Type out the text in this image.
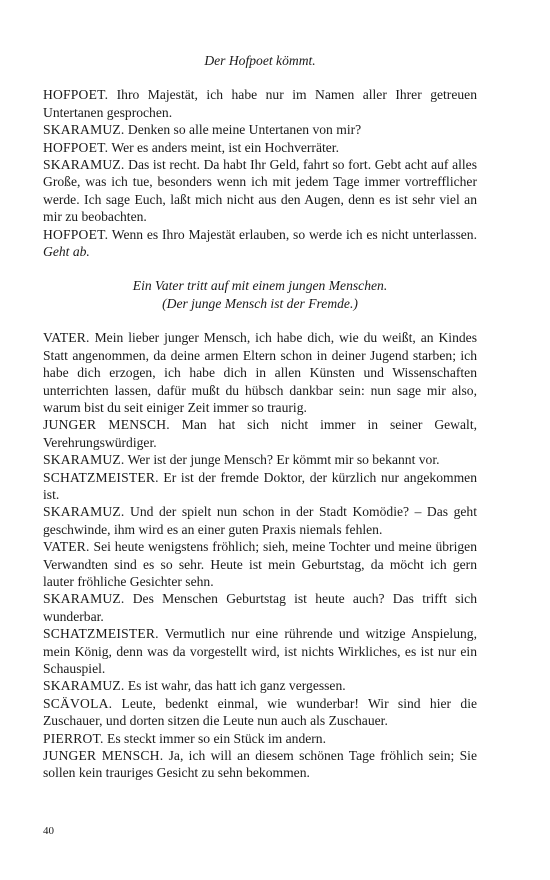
Der Hofpoet kömmt.

HOFPOET. Ihro Majestät, ich habe nur im Namen aller Ihrer getreuen Untertanen gesprochen.

SKARAMUZ. Denken so alle meine Untertanen von mir?

HOFPOET. Wer es anders meint, ist ein Hochverräter.

SKARAMUZ. Das ist recht. Da habt Ihr Geld, fahrt so fort. Gebt acht auf alles Große, was ich tue, besonders wenn ich mit jedem Tage immer vortrefflicher werde. Ich sage Euch, laßt mich nicht aus den Augen, denn es ist sehr viel an mir zu beobachten.

HOFPOET. Wenn es Ihro Majestät erlauben, so werde ich es nicht unterlassen. Geht ab.

Ein Vater tritt auf mit einem jungen Menschen.
(Der junge Mensch ist der Fremde.)

VATER. Mein lieber junger Mensch, ich habe dich, wie du weißt, an Kindes Statt angenommen, da deine armen Eltern schon in deiner Jugend starben; ich habe dich erzogen, ich habe dich in allen Künsten und Wissenschaften unterrichten lassen, dafür mußt du hübsch dankbar sein: nun sage mir also, warum bist du seit einiger Zeit immer so traurig.

JUNGER MENSCH. Man hat sich nicht immer in seiner Gewalt, Verehrungswürdiger.

SKARAMUZ. Wer ist der junge Mensch? Er kömmt mir so bekannt vor.

SCHATZMEISTER. Er ist der fremde Doktor, der kürzlich nur angekommen ist.

SKARAMUZ. Und der spielt nun schon in der Stadt Komödie? – Das geht geschwinde, ihm wird es an einer guten Praxis niemals fehlen.

VATER. Sei heute wenigstens fröhlich; sieh, meine Tochter und meine übrigen Verwandten sind es so sehr. Heute ist mein Geburtstag, da möcht ich gern lauter fröhliche Gesichter sehn.

SKARAMUZ. Des Menschen Geburtstag ist heute auch? Das trifft sich wunderbar.

SCHATZMEISTER. Vermutlich nur eine rührende und witzige Anspielung, mein König, denn was da vorgestellt wird, ist nichts Wirkliches, es ist nur ein Schauspiel.

SKARAMUZ. Es ist wahr, das hatt ich ganz vergessen.

SCÄVOLA. Leute, bedenkt einmal, wie wunderbar! Wir sind hier die Zuschauer, und dorten sitzen die Leute nun auch als Zuschauer.

PIERROT. Es steckt immer so ein Stück im andern.

JUNGER MENSCH. Ja, ich will an diesem schönen Tage fröhlich sein; Sie sollen kein trauriges Gesicht zu sehn bekommen.

40
